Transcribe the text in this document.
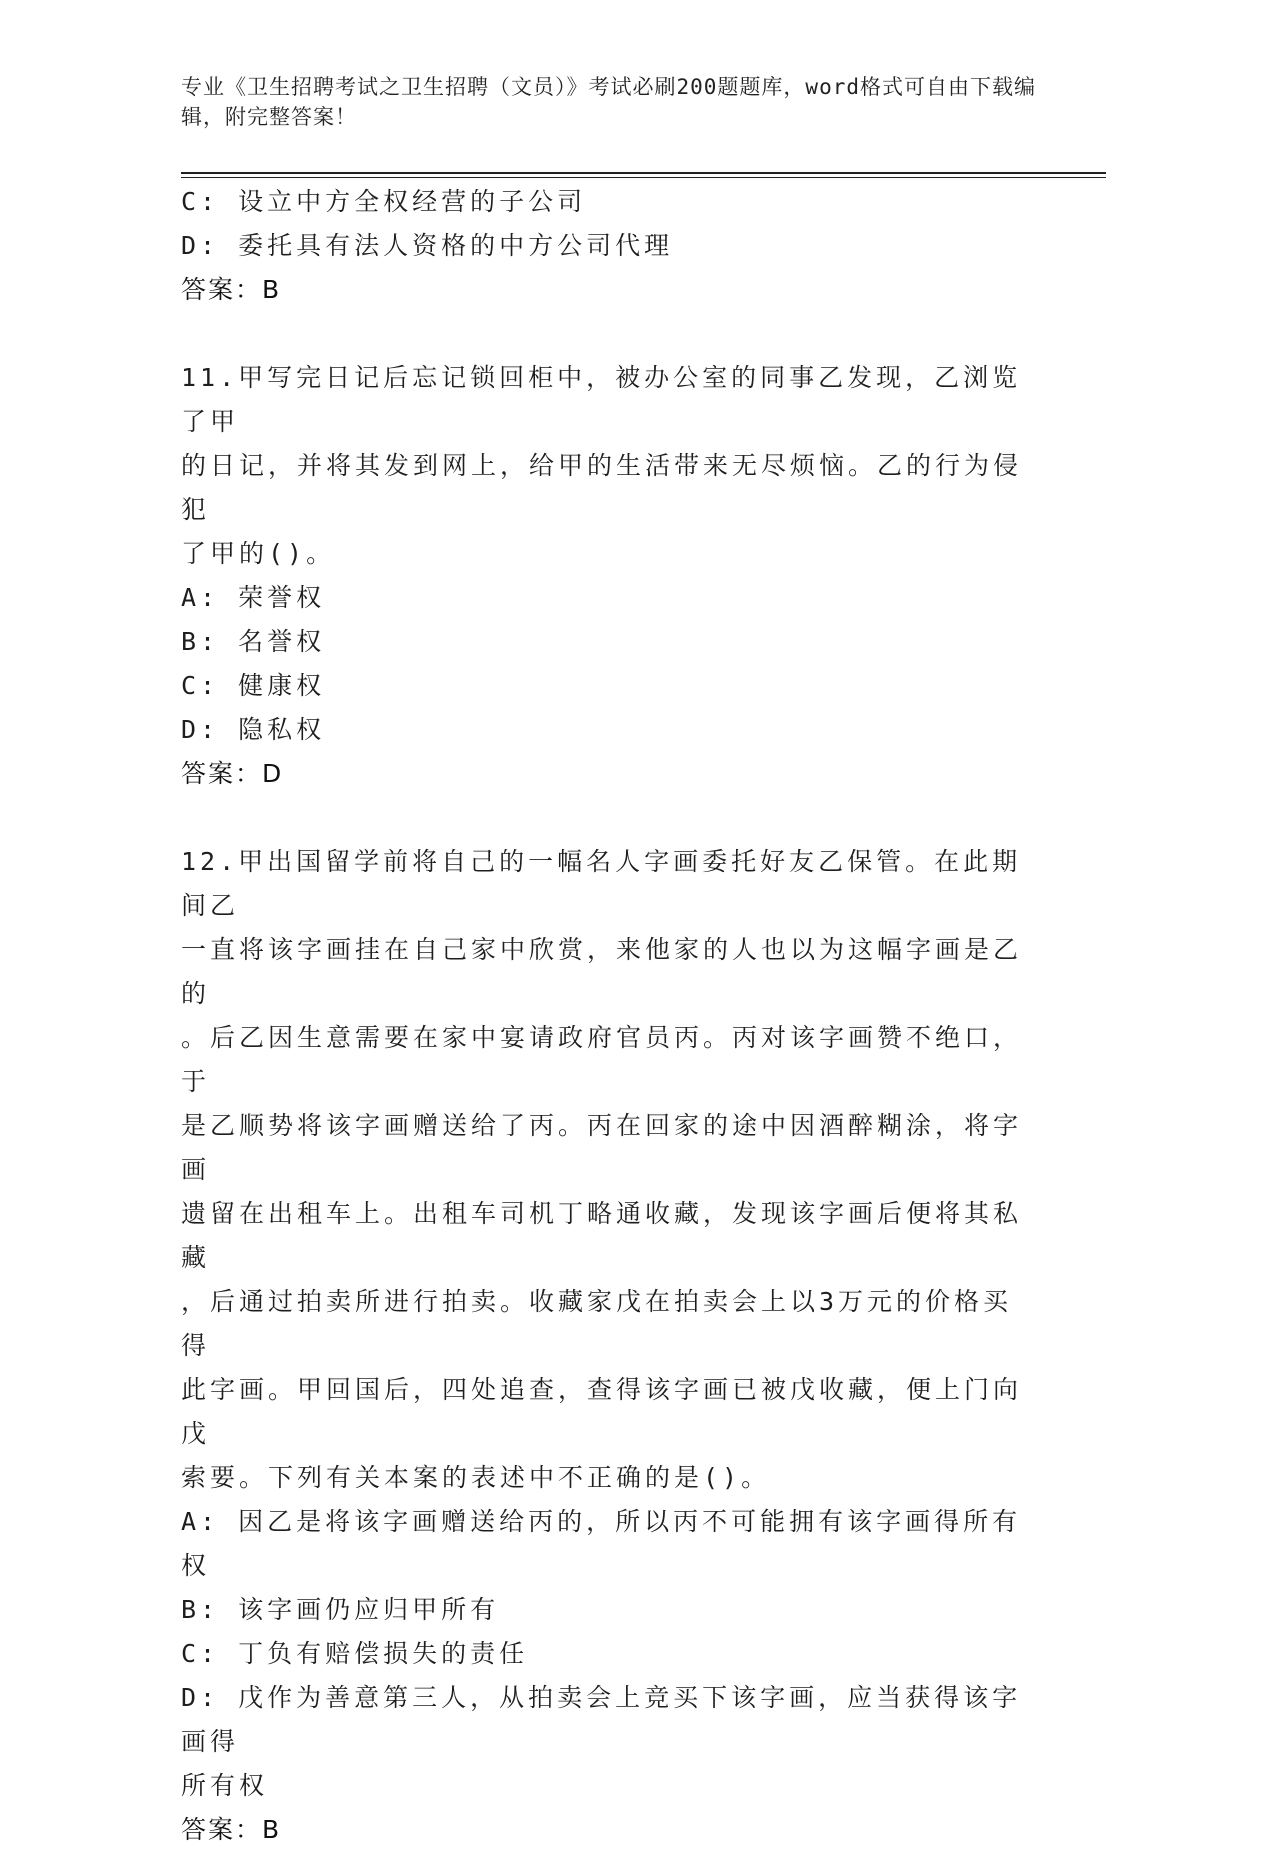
专业《卫生招聘考试之卫生招聘（文员）》考试必刷200题题库，word格式可自由下载编辑，附完整答案！
C: 设立中方全权经营的子公司
D: 委托具有法人资格的中方公司代理
答案：B
11.甲写完日记后忘记锁回柜中，被办公室的同事乙发现，乙浏览了甲
的日记，并将其发到网上，给甲的生活带来无尽烦恼。乙的行为侵犯
了甲的()。
A: 荣誉权
B: 名誉权
C: 健康权
D: 隐私权
答案：D
12.甲出国留学前将自己的一幅名人字画委托好友乙保管。在此期间乙
一直将该字画挂在自己家中欣赏，来他家的人也以为这幅字画是乙的
。后乙因生意需要在家中宴请政府官员丙。丙对该字画赞不绝口，于
是乙顺势将该字画赠送给了丙。丙在回家的途中因酒醉糊涂，将字画
遗留在出租车上。出租车司机丁略通收藏，发现该字画后便将其私藏
，后通过拍卖所进行拍卖。收藏家戊在拍卖会上以3万元的价格买得
此字画。甲回国后，四处追查，查得该字画已被戊收藏，便上门向戊
索要。下列有关本案的表述中不正确的是()。
A: 因乙是将该字画赠送给丙的，所以丙不可能拥有该字画得所有权
B: 该字画仍应归甲所有
C: 丁负有赔偿损失的责任
D: 戊作为善意第三人，从拍卖会上竞买下该字画，应当获得该字画得
所有权
答案：B
